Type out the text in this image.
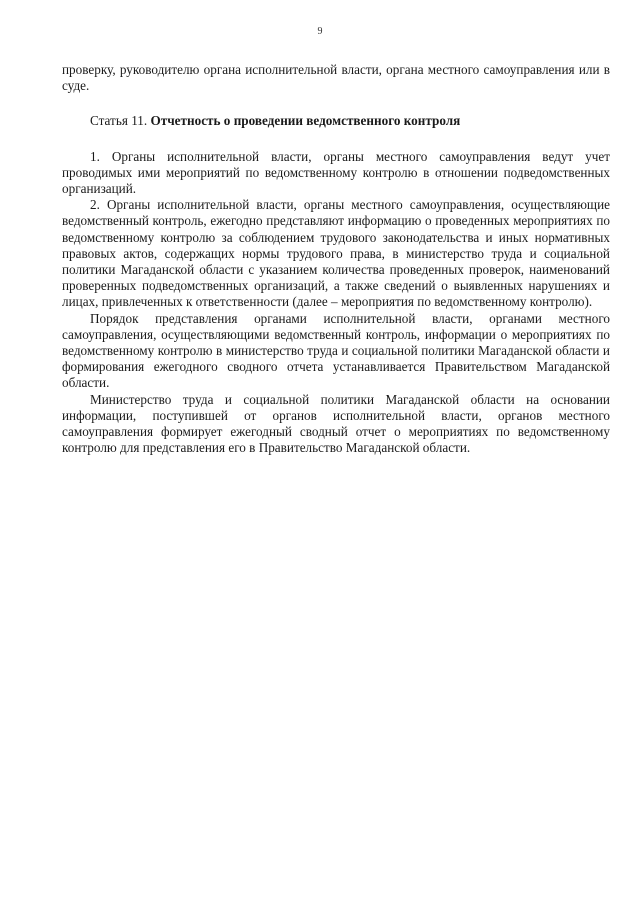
9

проверку, руководителю органа исполнительной власти, органа местного самоуправления или в суде.

Статья 11. Отчетность о проведении ведомственного контроля

1. Органы исполнительной власти, органы местного самоуправления ведут учет проводимых ими мероприятий по ведомственному контролю в отношении подведомственных организаций.

2. Органы исполнительной власти, органы местного самоуправления, осуществляющие ведомственный контроль, ежегодно представляют информацию о проведенных мероприятиях по ведомственному контролю за соблюдением трудового законодательства и иных нормативных правовых актов, содержащих нормы трудового права, в министерство труда и социальной политики Магаданской области с указанием количества проведенных проверок, наименований проверенных подведомственных организаций, а также сведений о выявленных нарушениях и лицах, привлеченных к ответственности (далее – мероприятия по ведомственному контролю).

Порядок представления органами исполнительной власти, органами местного самоуправления, осуществляющими ведомственный контроль, информации о мероприятиях по ведомственному контролю в министерство труда и социальной политики Магаданской области и формирования ежегодного сводного отчета устанавливается Правительством Магаданской области.

Министерство труда и социальной политики Магаданской области на основании информации, поступившей от органов исполнительной власти, органов местного самоуправления формирует ежегодный сводный отчет о мероприятиях по ведомственному контролю для представления его в Правительство Магаданской области.
